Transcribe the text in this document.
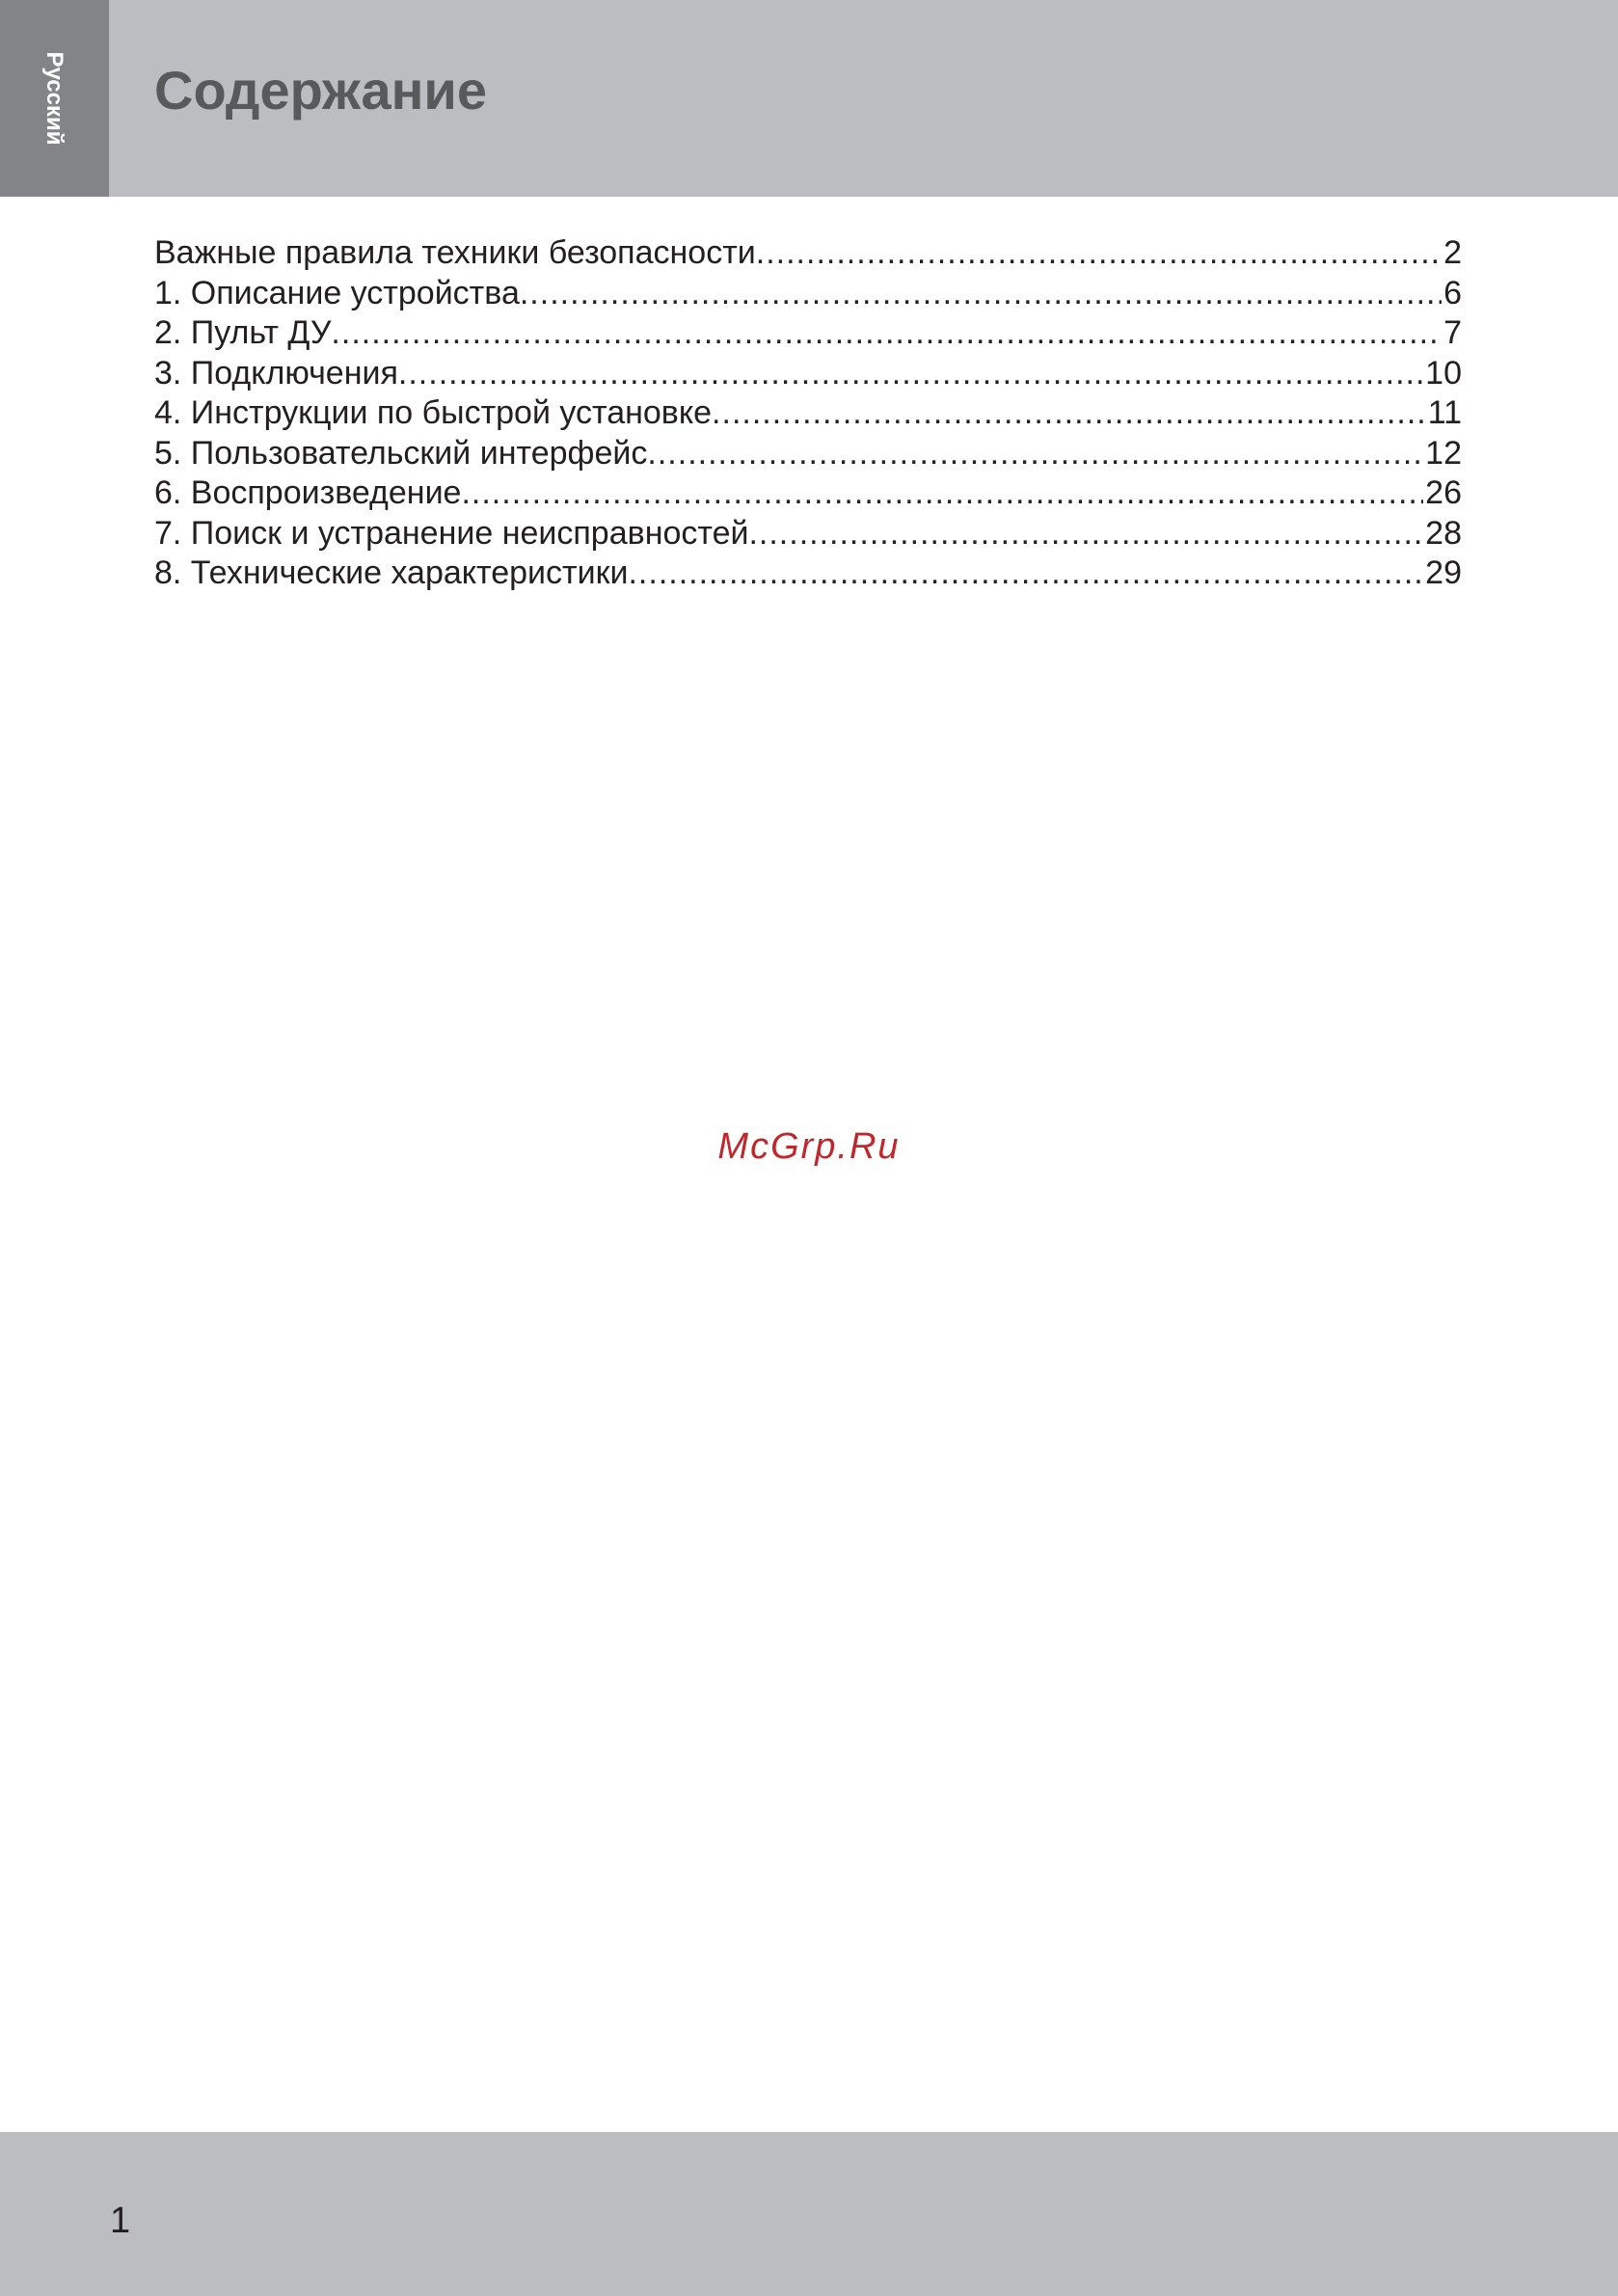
Русский Содержание
Важные правила техники безопасности .....	2
1. Описание устройства .....	6
2. Пульт ДУ .....	7
3. Подключения .....	10
4. Инструкции по быстрой установке .....	11
5. Пользовательский интерфейс .....	12
6. Воспроизведение .....	26
7. Поиск и устранение неисправностей .....	28
8. Технические характеристики .....	29
McGrp.Ru
1
